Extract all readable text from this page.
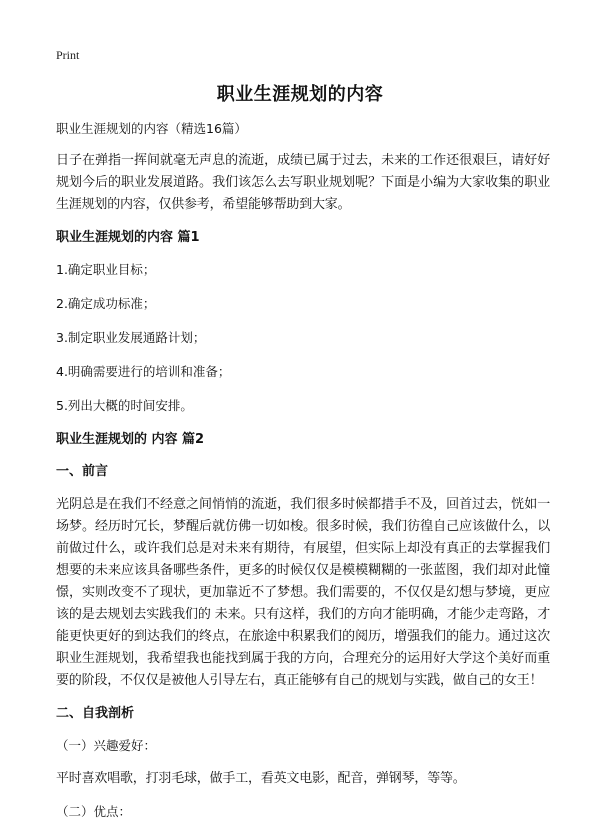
Print
职业生涯规划的内容

职业生涯规划的内容（精选16篇）

日子在弹指一挥间就毫无声息的流逝，成绩已属于过去，未来的工作还很艰巨，请好好规划今后的职业发展道路。我们该怎么去写职业规划呢？下面是小编为大家收集的职业生涯规划的内容，仅供参考，希望能够帮助到大家。

职业生涯规划的内容 篇1
1.确定职业目标；
2.确定成功标准；
3.制定职业发展通路计划；
4.明确需要进行的培训和准备；
5.列出大概的时间安排。
职业生涯规划的 内容 篇2
一、前言

光阴总是在我们不经意之间悄悄的流逝，我们很多时候都措手不及，回首过去，恍如一场梦。经历时冗长，梦醒后就仿佛一切如梭。很多时候，我们彷徨自己应该做什么，以前做过什么，或许我们总是对未来有期待，有展望，但实际上却没有真正的去掌握我们想要的未来应该具备哪些条件，更多的时候仅仅是模模糊糊的一张蓝图，我们却对此憧憬，实则改变不了现状，更加靠近不了梦想。我们需要的，不仅仅是幻想与梦境，更应该的是去规划去实践我们的 未来。只有这样，我们的方向才能明确，才能少走弯路，才能更快更好的到达我们的终点，在旅途中积累我们的阅历，增强我们的能力。通过这次职业生涯规划，我希望我也能找到属于我的方向，合理充分的运用好大学这个美好而重要的阶段，不仅仅是被他人引导左右，真正能够有自己的规划与实践，做自己的女王！

二、自我剖析
（一）兴趣爱好：

平时喜欢唱歌，打羽毛球，做手工，看英文电影，配音，弹钢琴，等等。

（二）优点：
